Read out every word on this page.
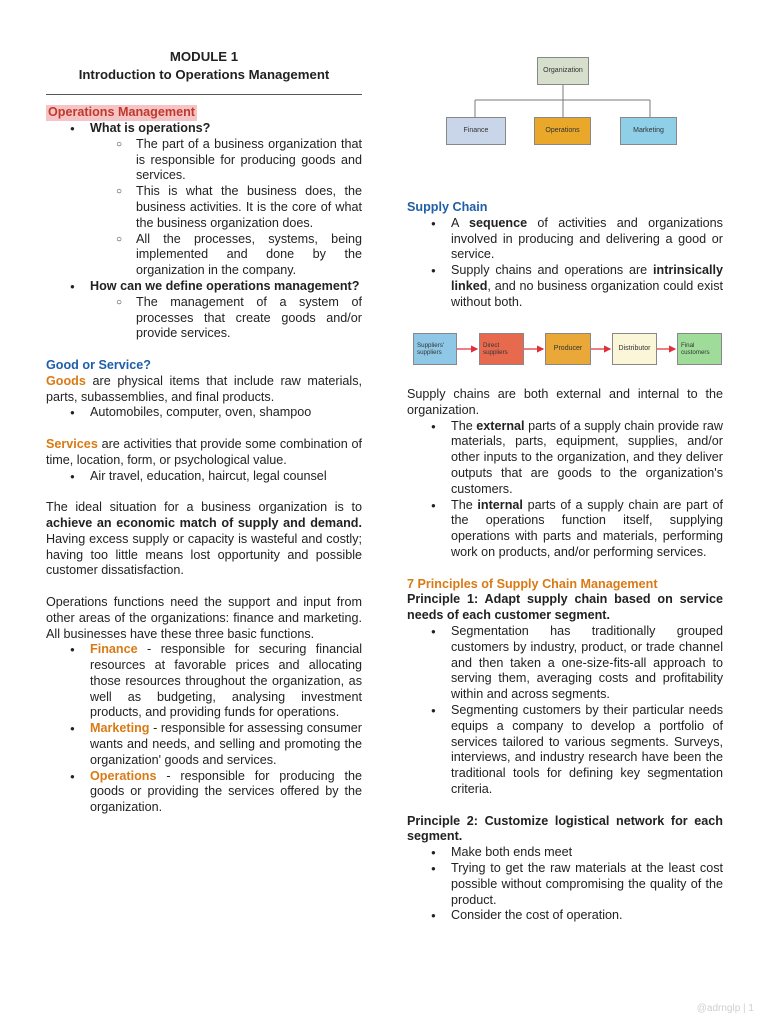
MODULE 1
Introduction to Operations Management
Operations Management
● What is operations?
○ The part of a business organization that is responsible for producing goods and services.
○ This is what the business does, the business activities. It is the core of what the business organization does.
○ All the processes, systems, being implemented and done by the organization in the company.
● How can we define operations management?
○ The management of a system of processes that create goods and/or provide services.

Good or Service?

Goods are physical items that include raw materials, parts, subassemblies, and final products.

● Automobiles, computer, oven, shampoo

Services are activities that provide some combination of time, location, form, or psychological value.

● Air travel, education, haircut, legal counsel

The ideal situation for a business organization is to achieve an economic match of supply and demand. Having excess supply or capacity is wasteful and costly; having too little means lost opportunity and possible customer dissatisfaction.

Operations functions need the support and input from other areas of the organizations: finance and marketing. All businesses have these three basic functions.

● Finance - responsible for securing financial resources at favorable prices and allocating those resources throughout the organization, as well as budgeting, analysing investment products, and providing funds for operations.
● Marketing - responsible for assessing consumer wants and needs, and selling and promoting the organization' goods and services.
● Operations - responsible for producing the goods or providing the services offered by the organization.
Organization
Finance	Operations	Marketing

Supply Chain

● A sequence of activities and organizations involved in producing and delivering a good or service.
● Supply chains and operations are intrinsically linked, and no business organization could exist without both.
Suppliers' suppliers
Direct suppliers
Producer	Distributor	Final customers

Supply chains are both external and internal to the organization.

● The external parts of a supply chain provide raw materials, parts, equipment, supplies, and/or other inputs to the organization, and they deliver outputs that are goods to the organization's customers.
● The internal parts of a supply chain are part of the operations function itself, supplying operations with parts and materials, performing work on products, and/or performing services.

7 Principles of Supply Chain Management

Principle 1: Adapt supply chain based on service needs of each customer segment.

● Segmentation has traditionally grouped customers by industry, product, or trade channel and then taken a one-size-fits-all approach to serving them, averaging costs and profitability within and across segments.
● Segmenting customers by their particular needs equips a company to develop a portfolio of services tailored to various segments. Surveys, interviews, and industry research have been the traditional tools for defining key segmentation criteria.

Principle 2: Customize logistical network for each segment.

● Make both ends meet
● Trying to get the raw materials at the least cost possible without compromising the quality of the product.
● Consider the cost of operation.
@adrnglp | 1
